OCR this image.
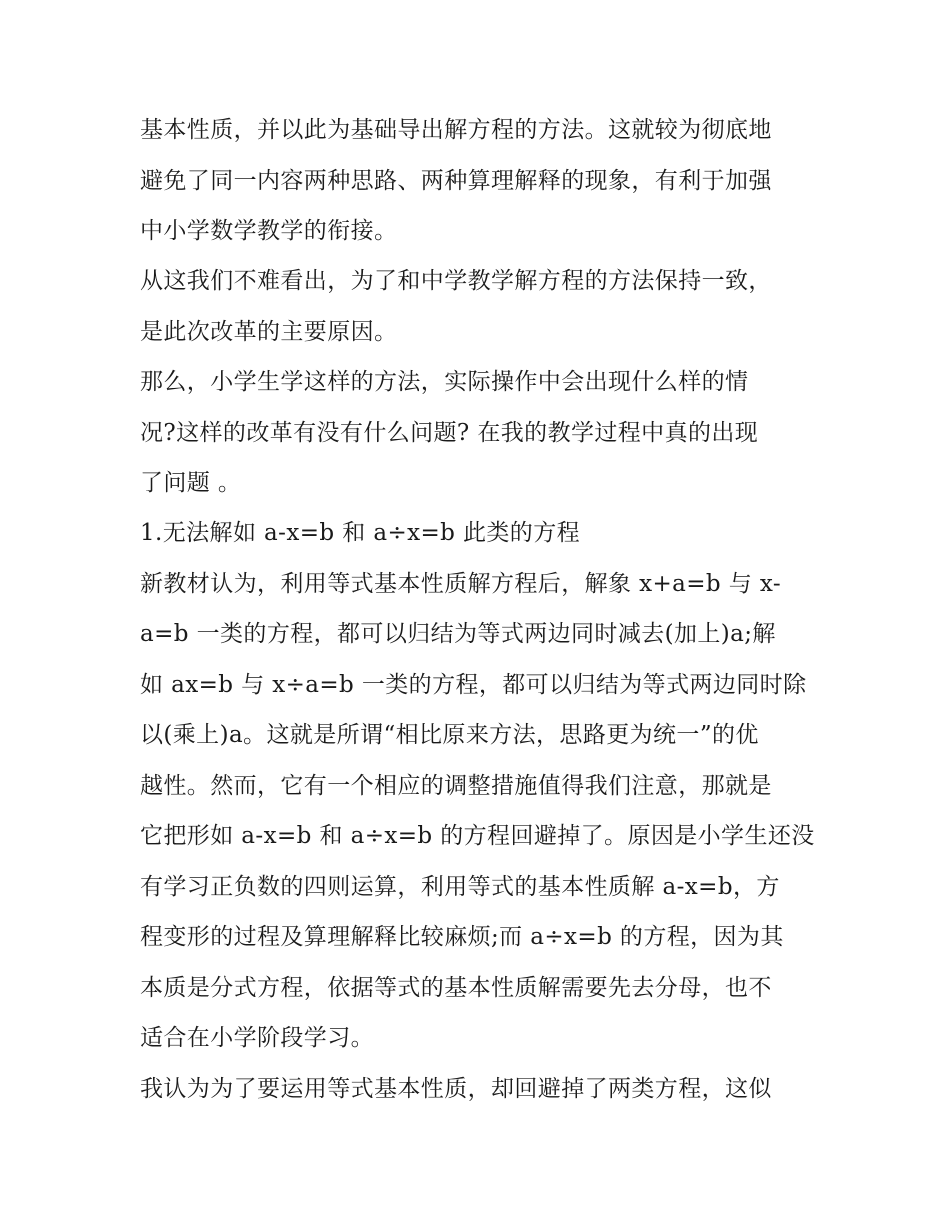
基本性质，并以此为基础导出解方程的方法。这就较为彻底地
避免了同一内容两种思路、两种算理解释的现象，有利于加强
中小学数学教学的衔接。
从这我们不难看出，为了和中学教学解方程的方法保持一致，
是此次改革的主要原因。
那么，小学生学这样的方法，实际操作中会出现什么样的情
况?这样的改革有没有什么问题? 在我的教学过程中真的出现
了问题 。
1.无法解如 a-x=b 和 a÷x=b 此类的方程
新教材认为，利用等式基本性质解方程后，解象 x+a=b 与 x-
a=b 一类的方程，都可以归结为等式两边同时减去(加上)a;解
如 ax=b 与 x÷a=b 一类的方程，都可以归结为等式两边同时除
以(乘上)a。这就是所谓“相比原来方法，思路更为统一”的优
越性。然而，它有一个相应的调整措施值得我们注意，那就是
它把形如 a-x=b 和 a÷x=b 的方程回避掉了。原因是小学生还没
有学习正负数的四则运算，利用等式的基本性质解 a-x=b，方
程变形的过程及算理解释比较麻烦;而 a÷x=b 的方程，因为其
本质是分式方程，依据等式的基本性质解需要先去分母，也不
适合在小学阶段学习。
我认为为了要运用等式基本性质，却回避掉了两类方程，这似
